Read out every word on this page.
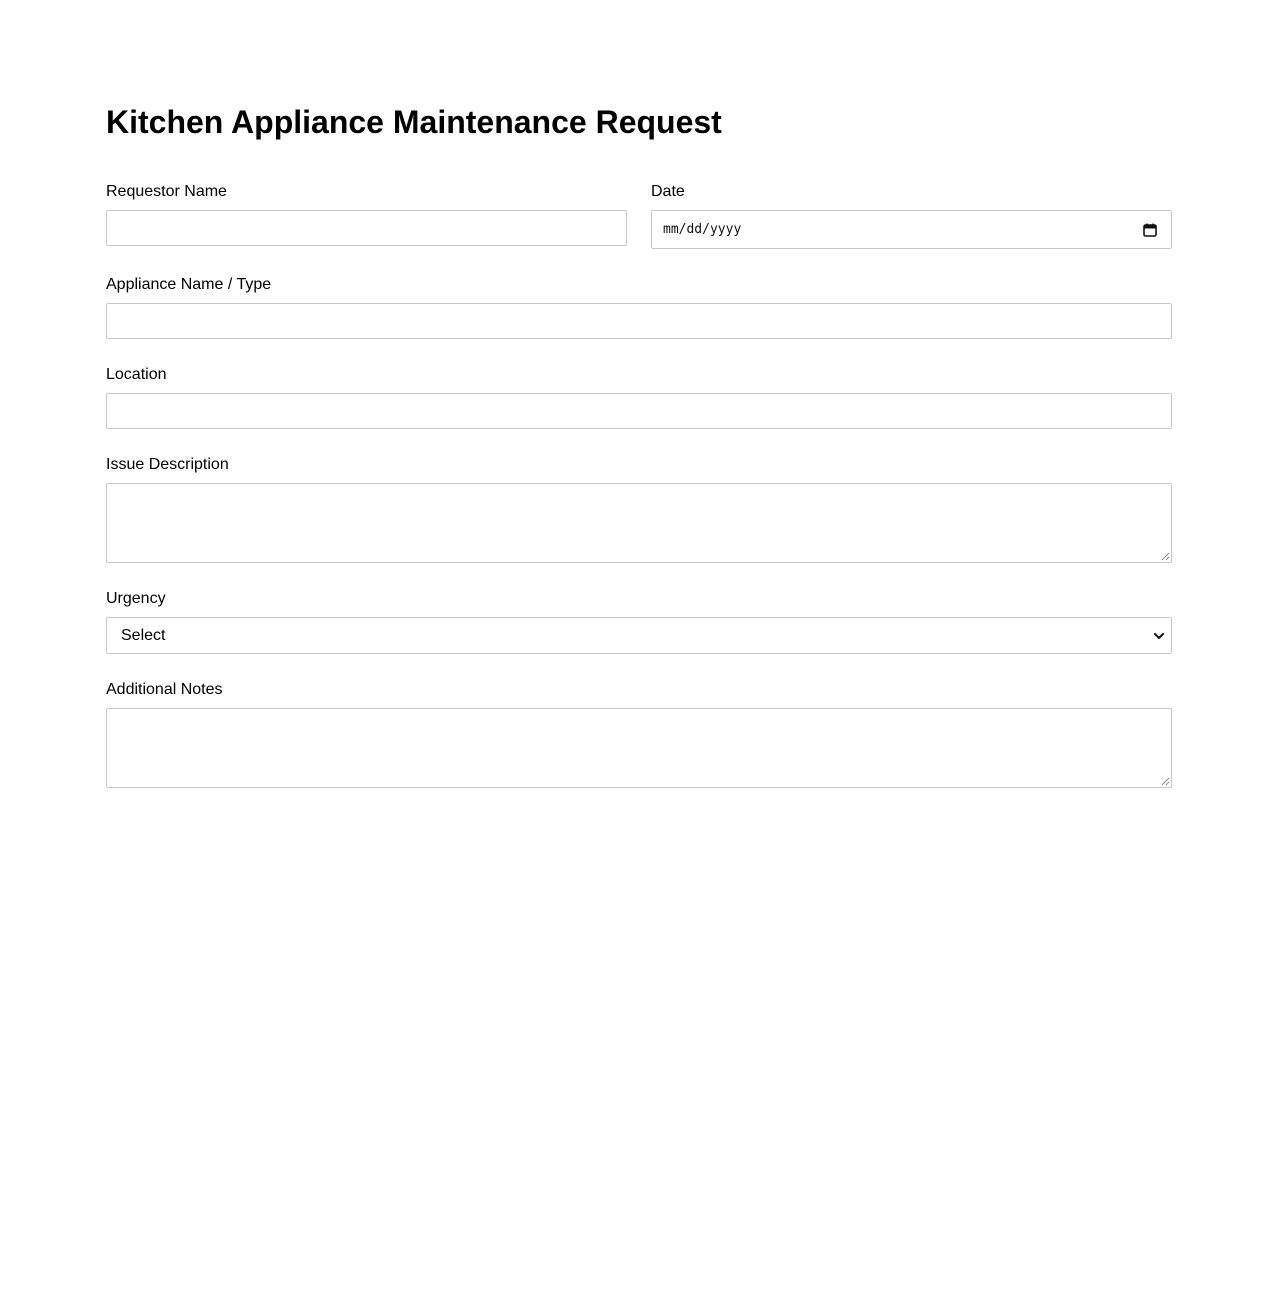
Kitchen Appliance Maintenance Request
Requestor Name	Date
mm/dd/yyyy
Appliance Name / Type
Location
Issue Description
Urgency
Select
Additional Notes
